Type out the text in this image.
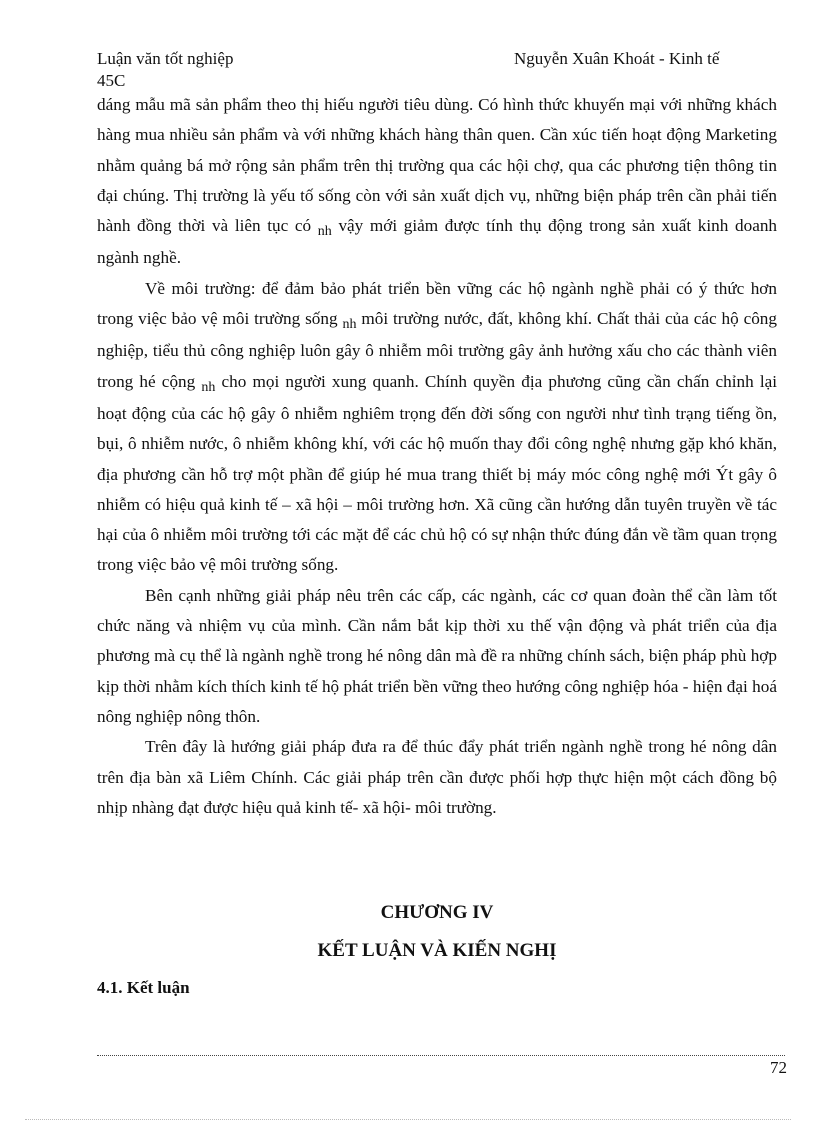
Luận văn tốt nghiệp
45C
Nguyễn Xuân Khoát - Kinh tế

dáng mẫu mã sản phẩm theo thị hiếu người tiêu dùng. Có hình thức khuyến mại với những khách hàng mua nhiều sản phẩm và với những khách hàng thân quen. Cần xúc tiến hoạt động Marketing nhằm quảng bá mở rộng sản phẩm trên thị trường qua các hội chợ, qua các phương tiện thông tin đại chúng. Thị trường là yếu tố sống còn với sản xuất dịch vụ, những biện pháp trên cần phải tiến hành đồng thời và liên tục có $_{nh}$ vậy mới giảm được tính thụ động trong sản xuất kinh doanh ngành nghề.

Về môi trường: để đảm bảo phát triển bền vững các hộ ngành nghề phải có ý thức hơn trong việc bảo vệ môi trường sống $_{nh}$ môi trường nước, đất, không khí. Chất thải của các hộ công nghiệp, tiểu thủ công nghiệp luôn gây ô nhiễm môi trường gây ảnh hưởng xấu cho các thành viên trong hé cộng $_{nh}$ cho mọi người xung quanh. Chính quyền địa phương cũng cần chấn chỉnh lại hoạt động của các hộ gây ô nhiễm nghiêm trọng đến đời sống con người như tình trạng tiếng ồn, bụi, ô nhiễm nước, ô nhiễm không khí, với các hộ muốn thay đổi công nghệ nhưng gặp khó khăn, địa phương cần hỗ trợ một phần để giúp hé mua trang thiết bị máy móc công nghệ mới Ýt gây ô nhiễm có hiệu quả kinh tế – xã hội – môi trường hơn. Xã cũng cần hướng dẫn tuyên truyền về tác hại của ô nhiễm môi trường tới các mặt để các chủ hộ có sự nhận thức đúng đắn về tầm quan trọng trong việc bảo vệ môi trường sống.

Bên cạnh những giải pháp nêu trên các cấp, các ngành, các cơ quan đoàn thể cần làm tốt chức năng và nhiệm vụ của mình. Cần nắm bắt kịp thời xu thế vận động và phát triển của địa phương mà cụ thể là ngành nghề trong hé nông dân mà đề ra những chính sách, biện pháp phù hợp kịp thời nhằm kích thích kinh tế hộ phát triển bền vững theo hướng công nghiệp hóa - hiện đại hoá nông nghiệp nông thôn.

Trên đây là hướng giải pháp đưa ra để thúc đẩy phát triển ngành nghề trong hé nông dân trên địa bàn xã Liêm Chính. Các giải pháp trên cần được phối hợp thực hiện một cách đồng bộ nhịp nhàng đạt được hiệu quả kinh tế- xã hội- môi trường.

CHƯƠNG IV
KẾT LUẬN VÀ KIẾN NGHỊ
4.1. Kết luận
72
